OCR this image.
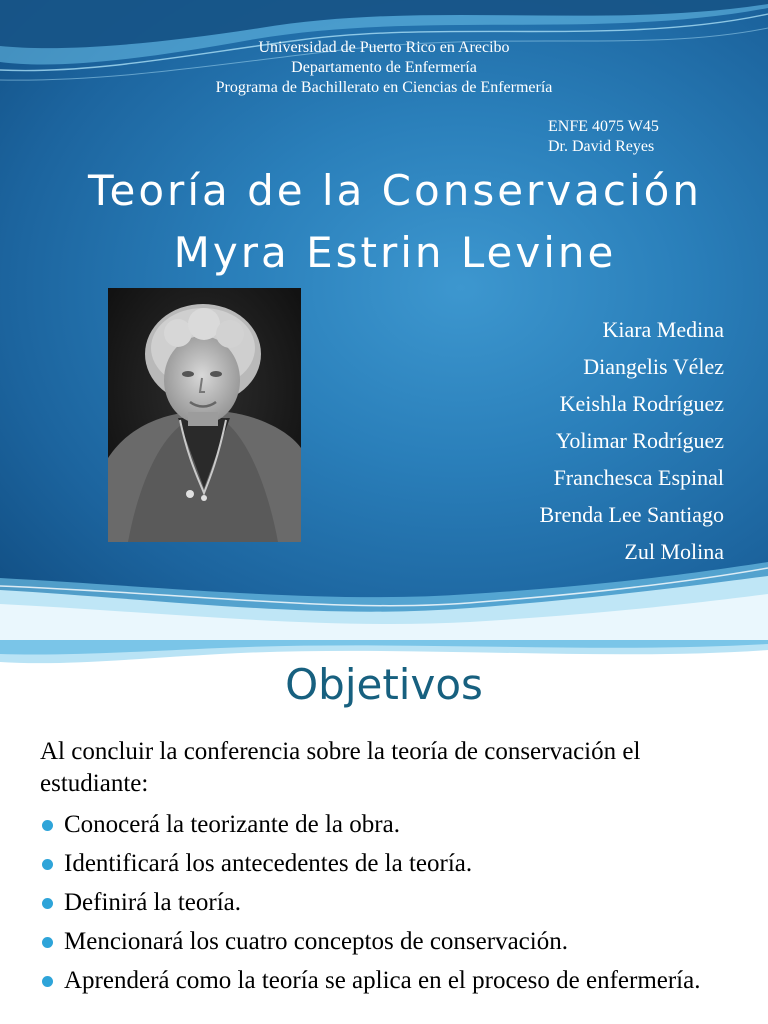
Universidad de Puerto Rico en Arecibo
Departamento de Enfermería
Programa de Bachillerato en Ciencias de Enfermería
ENFE 4075 W45
Dr. David Reyes
Teoría de la Conservación
Myra Estrin Levine
Kiara Medina
Diangelis Vélez
Keishla Rodríguez
Yolimar Rodríguez
Franchesca Espinal
Brenda Lee Santiago
Zul Molina
Objetivos
Al concluir la conferencia sobre la teoría de conservación el estudiante:
Conocerá la teorizante de la obra.
Identificará los antecedentes de la teoría.
Definirá la teoría.
Mencionará los cuatro conceptos de conservación.
Aprenderá como la teoría se aplica en el proceso de enfermería.
